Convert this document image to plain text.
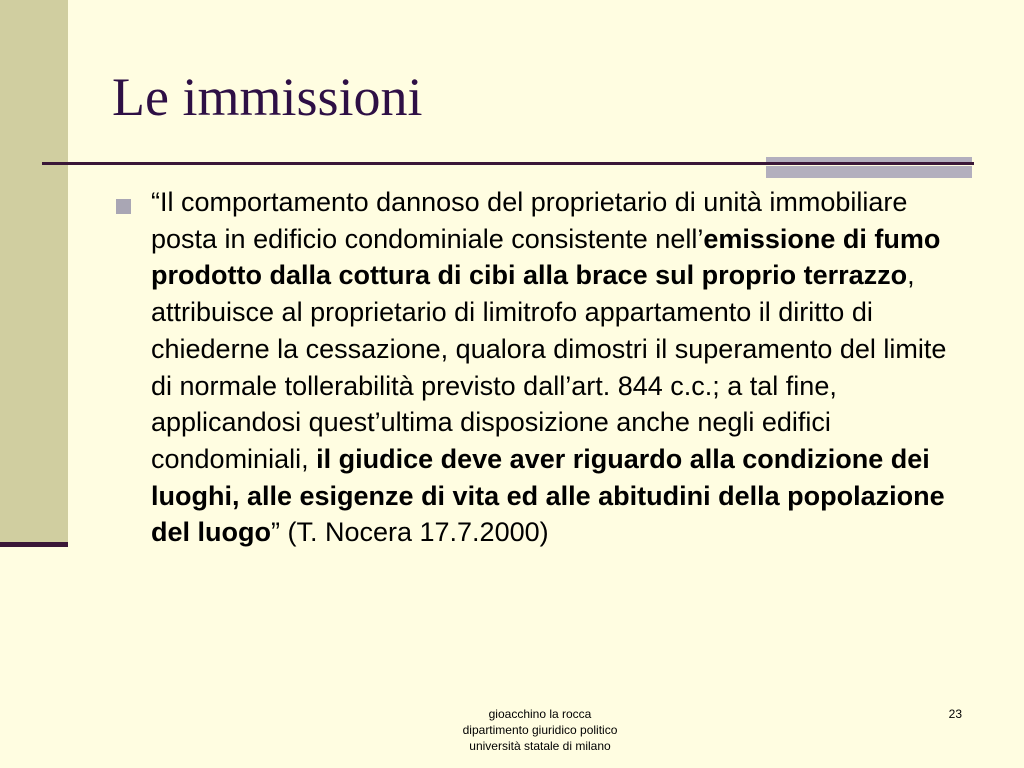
Le immissioni

“Il comportamento dannoso del proprietario di unità immobiliare posta in edificio condominiale consistente nell’emissione di fumo prodotto dalla cottura di cibi alla brace sul proprio terrazzo, attribuisce al proprietario di limitrofo appartamento il diritto di chiederne la cessazione, qualora dimostri il superamento del limite di normale tollerabilità previsto dall’art. 844 c.c.; a tal fine, applicandosi quest’ultima disposizione anche negli edifici condominiali, il giudice deve aver riguardo alla condizione dei luoghi, alle esigenze di vita ed alle abitudini della popolazione del luogo” (T. Nocera 17.7.2000)

gioacchino la rocca
dipartimento giuridico politico
università statale di milano
23
